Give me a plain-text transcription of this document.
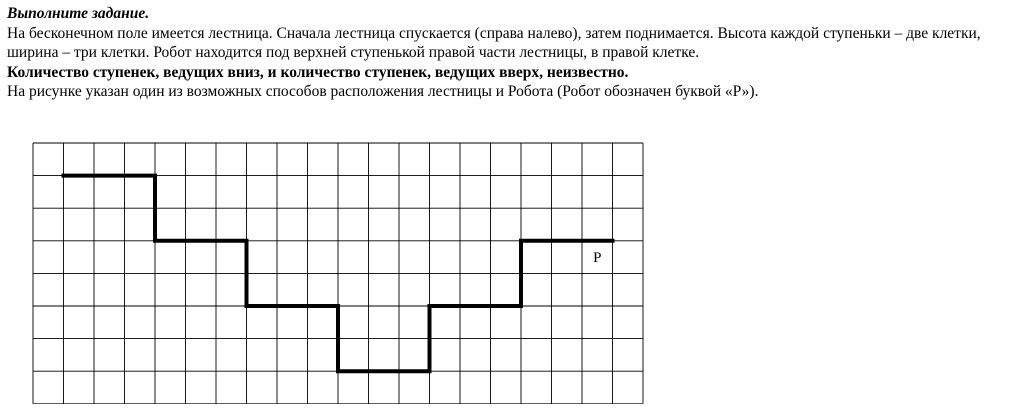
Выполните задание.

На бесконечном поле имеется лестница. Сначала лестница спускается (справа налево), затем поднимается. Высота каждой ступеньки – две клетки, ширина – три клетки. Робот находится под верхней ступенькой правой части лестницы, в правой клетке.

Количество ступенек, ведущих вниз, и количество ступенек, ведущих вверх, неизвестно.

На рисунке указан один из возможных способов расположения лестницы и Робота (Робот обозначен буквой «Р»).

Р
